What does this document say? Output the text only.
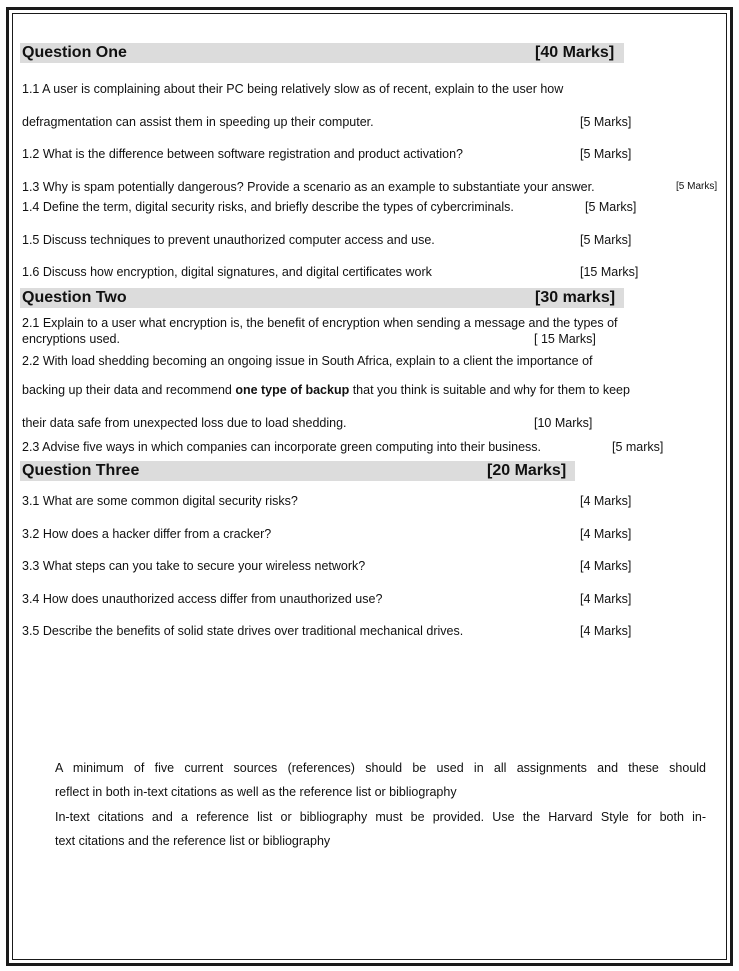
Question One	[40 Marks]
1.1 A user is complaining about their PC being relatively slow as of recent, explain to the user how
defragmentation can assist them in speeding up their computer.	[5 Marks]
1.2 What is the difference between software registration and product activation?	[5 Marks]
1.3 Why is spam potentially dangerous? Provide a scenario as an example to substantiate your answer.	[5 Marks]
1.4 Define the term, digital security risks, and briefly describe the types of cybercriminals.	[5 Marks]
1.5 Discuss techniques to prevent unauthorized computer access and use.	[5 Marks]
1.6 Discuss how encryption, digital signatures, and digital certificates work	[15 Marks]
Question Two	[30 marks]
2.1 Explain to a user what encryption is, the benefit of encryption when sending a message and the types of
encryptions used.	[ 15 Marks]
2.2 With load shedding becoming an ongoing issue in South Africa, explain to a client the importance of
backing up their data and recommend one type of backup that you think is suitable and why for them to keep
their data safe from unexpected loss due to load shedding.	[10 Marks]
2.3 Advise five ways in which companies can incorporate green computing into their business.	[5 marks]
Question Three	[20 Marks]
3.1 What are some common digital security risks?	[4 Marks]
3.2 How does a hacker differ from a cracker?	[4 Marks]
3.3 What steps can you take to secure your wireless network?	[4 Marks]
3.4 How does unauthorized access differ from unauthorized use?	[4 Marks]
3.5 Describe the benefits of solid state drives over traditional mechanical drives.	[4 Marks]
A minimum of five current sources (references) should be used in all assignments and these should
reflect in both in-text citations as well as the reference list or bibliography
In-text citations and a reference list or bibliography must be provided. Use the Harvard Style for both in-
text citations and the reference list or bibliography
